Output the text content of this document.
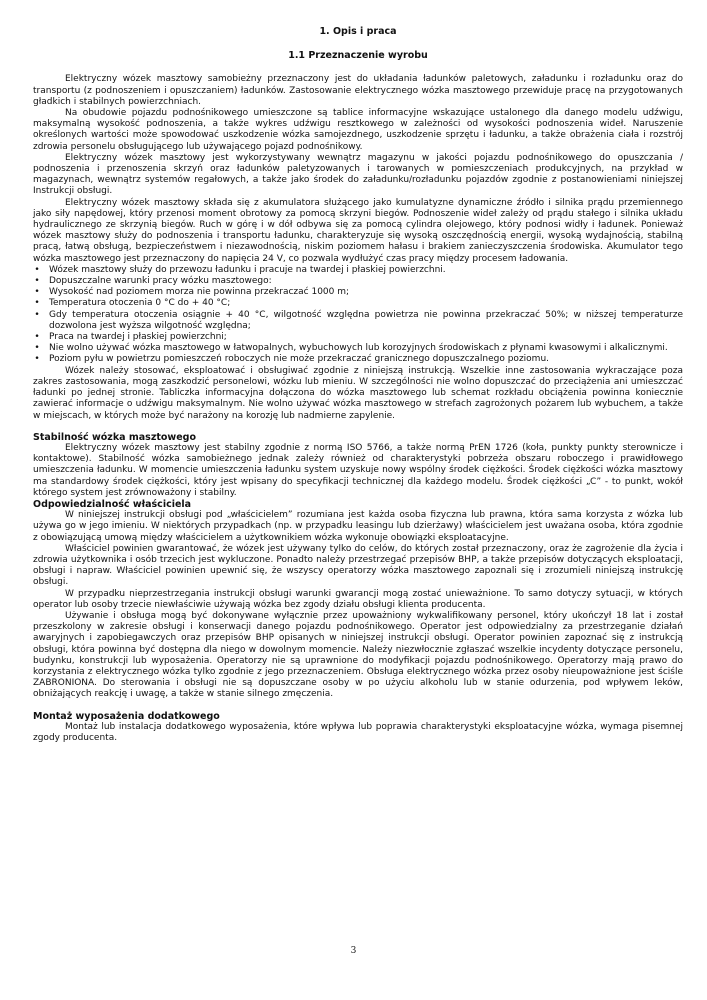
1. Opis i praca
1.1 Przeznaczenie wyrobu

Elektryczny wózek masztowy samobieżny przeznaczony jest do układania ładunków paletowych, załadunku i rozładunku oraz do transportu (z podnoszeniem i opuszczaniem) ładunków. Zastosowanie elektrycznego wózka masztowego przewiduje pracę na przygotowanych gładkich i stabilnych powierzchniach.

Na obudowie pojazdu podnośnikowego umieszczone są tablice informacyjne wskazujące ustalonego dla danego modelu udźwigu, maksymalną wysokość podnoszenia, a także wykres udźwigu resztkowego w zależności od wysokości podnoszenia wideł. Naruszenie określonych wartości może spowodować uszkodzenie wózka samojezdnego, uszkodzenie sprzętu i ładunku, a także obrażenia ciała i rozstrój zdrowia personelu obsługującego lub używającego pojazd podnośnikowy.

Elektryczny wózek masztowy jest wykorzystywany wewnątrz magazynu w jakości pojazdu podnośnikowego do opuszczania / podnoszenia i przenoszenia skrzyń oraz ładunków paletyzowanych i tarowanych w pomieszczeniach produkcyjnych, na przykład w magazynach, wewnątrz systemów regałowych, a także jako środek do załadunku/rozładunku pojazdów zgodnie z postanowieniami niniejszej Instrukcji obsługi.

Elektryczny wózek masztowy składa się z akumulatora służącego jako kumulatyzne dynamiczne źródło i silnika prądu przemiennego jako siły napędowej, który przenosi moment obrotowy za pomocą skrzyni biegów. Podnoszenie wideł zależy od prądu stałego i silnika układu hydraulicznego ze skrzynią biegów. Ruch w górę i w dół odbywa się za pomocą cylindra olejowego, który podnosi widły i ładunek. Ponieważ wózek masztowy służy do podnoszenia i transportu ładunku, charakteryzuje się wysoką oszczędnością energii, wysoką wydajnością, stabilną pracą, łatwą obsługą, bezpieczeństwem i niezawodnością, niskim poziomem hałasu i brakiem zanieczyszczenia środowiska. Akumulator tego wózka masztowego jest przeznaczony do napięcia 24 V, co pozwala wydłużyć czas pracy między procesem ładowania.

• Wózek masztowy służy do przewozu ładunku i pracuje na twardej i płaskiej powierzchni.
• Dopuszczalne warunki pracy wózku masztowego:
• Wysokość nad poziomem morza nie powinna przekraczać 1000 m;
• Temperatura otoczenia 0 °C do + 40 °C;
• Gdy temperatura otoczenia osiągnie + 40 °C, wilgotność względna powietrza nie powinna przekraczać 50%; w niższej temperaturze dozwolona jest wyższa wilgotność względna;
• Praca na twardej i płaskiej powierzchni;
• Nie wolno używać wózka masztowego w łatwopalnych, wybuchowych lub korozyjnych środowiskach z płynami kwasowymi i alkalicznymi.
• Poziom pyłu w powietrzu pomieszczeń roboczych nie może przekraczać granicznego dopuszczalnego poziomu.

Wózek należy stosować, eksploatować i obsługiwać zgodnie z niniejszą instrukcją. Wszelkie inne zastosowania wykraczające poza zakres zastosowania, mogą zaszkodzić personelowi, wózku lub mieniu. W szczególności nie wolno dopuszczać do przeciążenia ani umieszczać ładunki po jednej stronie. Tabliczka informacyjna dołączona do wózka masztowego lub schemat rozkładu obciążenia powinna koniecznie zawierać informacje o udźwigu maksymalnym. Nie wolno używać wózka masztowego w strefach zagrożonych pożarem lub wybuchem, a także w miejscach, w których może być narażony na korozję lub nadmierne zapylenie.

Stabilność wózka masztowego

Elektryczny wózek masztowy jest stabilny zgodnie z normą ISO 5766, a także normą PrEN 1726 (koła, punkty punkty sterownicze i kontaktowe). Stabilność wózka samobieżnego jednak zależy również od charakterystyki pobrzeża obszaru roboczego i prawidłowego umieszczenia ładunku. W momencie umieszczenia ładunku system uzyskuje nowy wspólny środek ciężkości. Środek ciężkości wózka masztowy ma standardowy środek ciężkości, który jest wpisany do specyfikacji technicznej dla każdego modelu. Środek ciężkości „C” - to punkt, wokół którego system jest zrównoważony i stabilny.

Odpowiedzialność właściciela

W niniejszej instrukcji obsługi pod „właścicielem” rozumiana jest każda osoba fizyczna lub prawna, która sama korzysta z wózka lub używa go w jego imieniu. W niektórych przypadkach (np. w przypadku leasingu lub dzierżawy) właścicielem jest uważana osoba, która zgodnie z obowiązującą umową między właścicielem a użytkownikiem wózka wykonuje obowiązki eksploatacyjne.

Właściciel powinien gwarantować, że wózek jest używany tylko do celów, do których został przeznaczony, oraz że zagrożenie dla życia i zdrowia użytkownika i osób trzecich jest wykluczone. Ponadto należy przestrzegać przepisów BHP, a także przepisów dotyczących eksploatacji, obsługi i napraw. Właściciel powinien upewnić się, że wszyscy operatorzy wózka masztowego zapoznali się i zrozumieli niniejszą instrukcję obsługi.

W przypadku nieprzestrzegania instrukcji obsługi warunki gwarancji mogą zostać unieważnione. To samo dotyczy sytuacji, w których operator lub osoby trzecie niewłaściwie używają wózka bez zgody działu obsługi klienta producenta.

Używanie i obsługa mogą być dokonywane wyłącznie przez upoważniony wykwalifikowany personel, który ukończył 18 lat i został przeszkolony w zakresie obsługi i konserwacji danego pojazdu podnośnikowego. Operator jest odpowiedzialny za przestrzeganie działań awaryjnych i zapobiegawczych oraz przepisów BHP opisanych w niniejszej instrukcji obsługi. Operator powinien zapoznać się z instrukcją obsługi, która powinna być dostępna dla niego w dowolnym momencie. Należy niezwłocznie zgłaszać wszelkie incydenty dotyczące personelu, budynku, konstrukcji lub wyposażenia. Operatorzy nie są uprawnione do modyfikacji pojazdu podnośnikowego. Operatorzy mają prawo do korzystania z elektrycznego wózka tylko zgodnie z jego przeznaczeniem. Obsługa elektrycznego wózka przez osoby nieupoważnione jest ściśle ZABRONIONA. Do sterowania i obsługi nie są dopuszczane osoby w po użyciu alkoholu lub w stanie odurzenia, pod wpływem leków, obniżających reakcję i uwagę, a także w stanie silnego zmęczenia.

Montaż wyposażenia dodatkowego

Montaż lub instalacja dodatkowego wyposażenia, które wpływa lub poprawia charakterystyki eksploatacyjne wózka, wymaga pisemnej zgody producenta.

3
